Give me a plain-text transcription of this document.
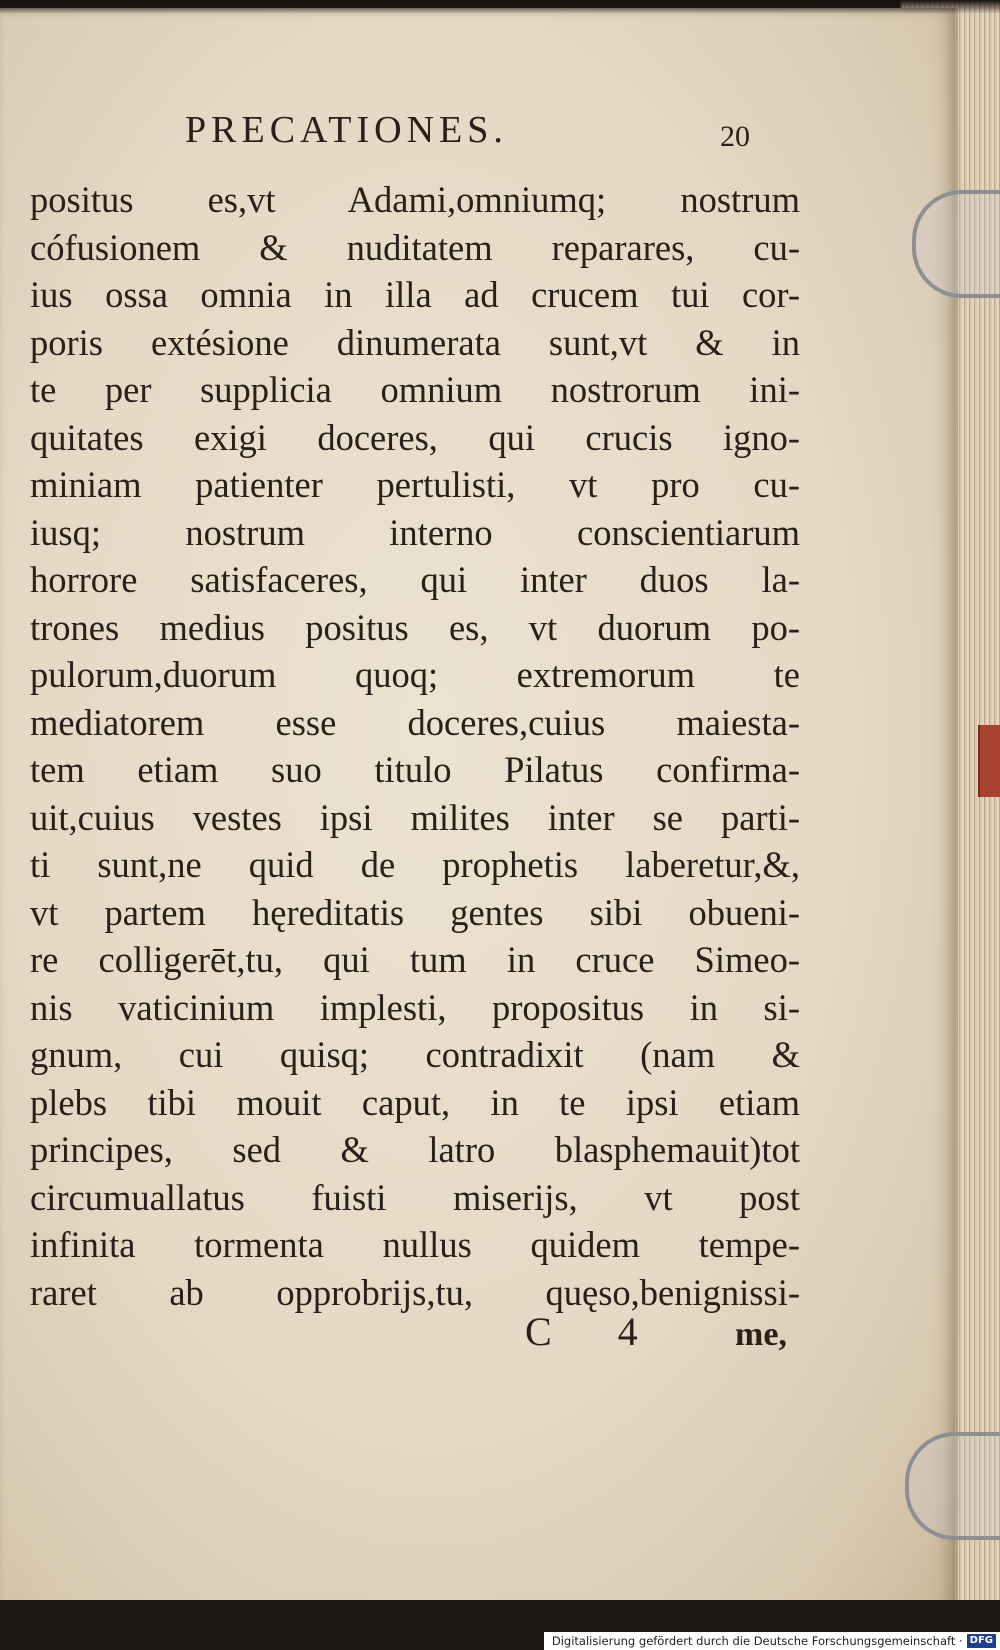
PRECATIONES.	20
positus es,vt Adami,omniumq; nostrum
cófusionem & nuditatem reparares, cu-
ius ossa omnia in illa ad crucem tui cor-
poris extésione dinumerata sunt,vt & in
te per supplicia omnium nostrorum ini-
quitates exigi doceres, qui crucis igno-
miniam patienter pertulisti, vt pro cu-
iusq; nostrum interno conscientiarum
horrore satisfaceres, qui inter duos la-
trones medius positus es, vt duorum po-
pulorum,duorum quoq; extremorum te
mediatorem esse doceres,cuius maiesta-
tem etiam suo titulo Pilatus confirma-
uit,cuius vestes ipsi milites inter se parti-
ti sunt,ne quid de prophetis laberetur,&,
vt partem hęreditatis gentes sibi obueni-
re colligerēt,tu, qui tum in cruce Simeo-
nis vaticinium implesti, propositus in si-
gnum, cui quisq; contradixit (nam &
plebs tibi mouit caput, in te ipsi etiam
principes, sed & latro blasphemauit)tot
circumuallatus fuisti miserijs, vt post
infinita tormenta nullus quidem tempe-
raret ab opprobrijs,tu, quęso,benignissi-
C 4 me,
Digitalisierung gefördert durch die Deutsche Forschungsgemeinschaft · DFG
